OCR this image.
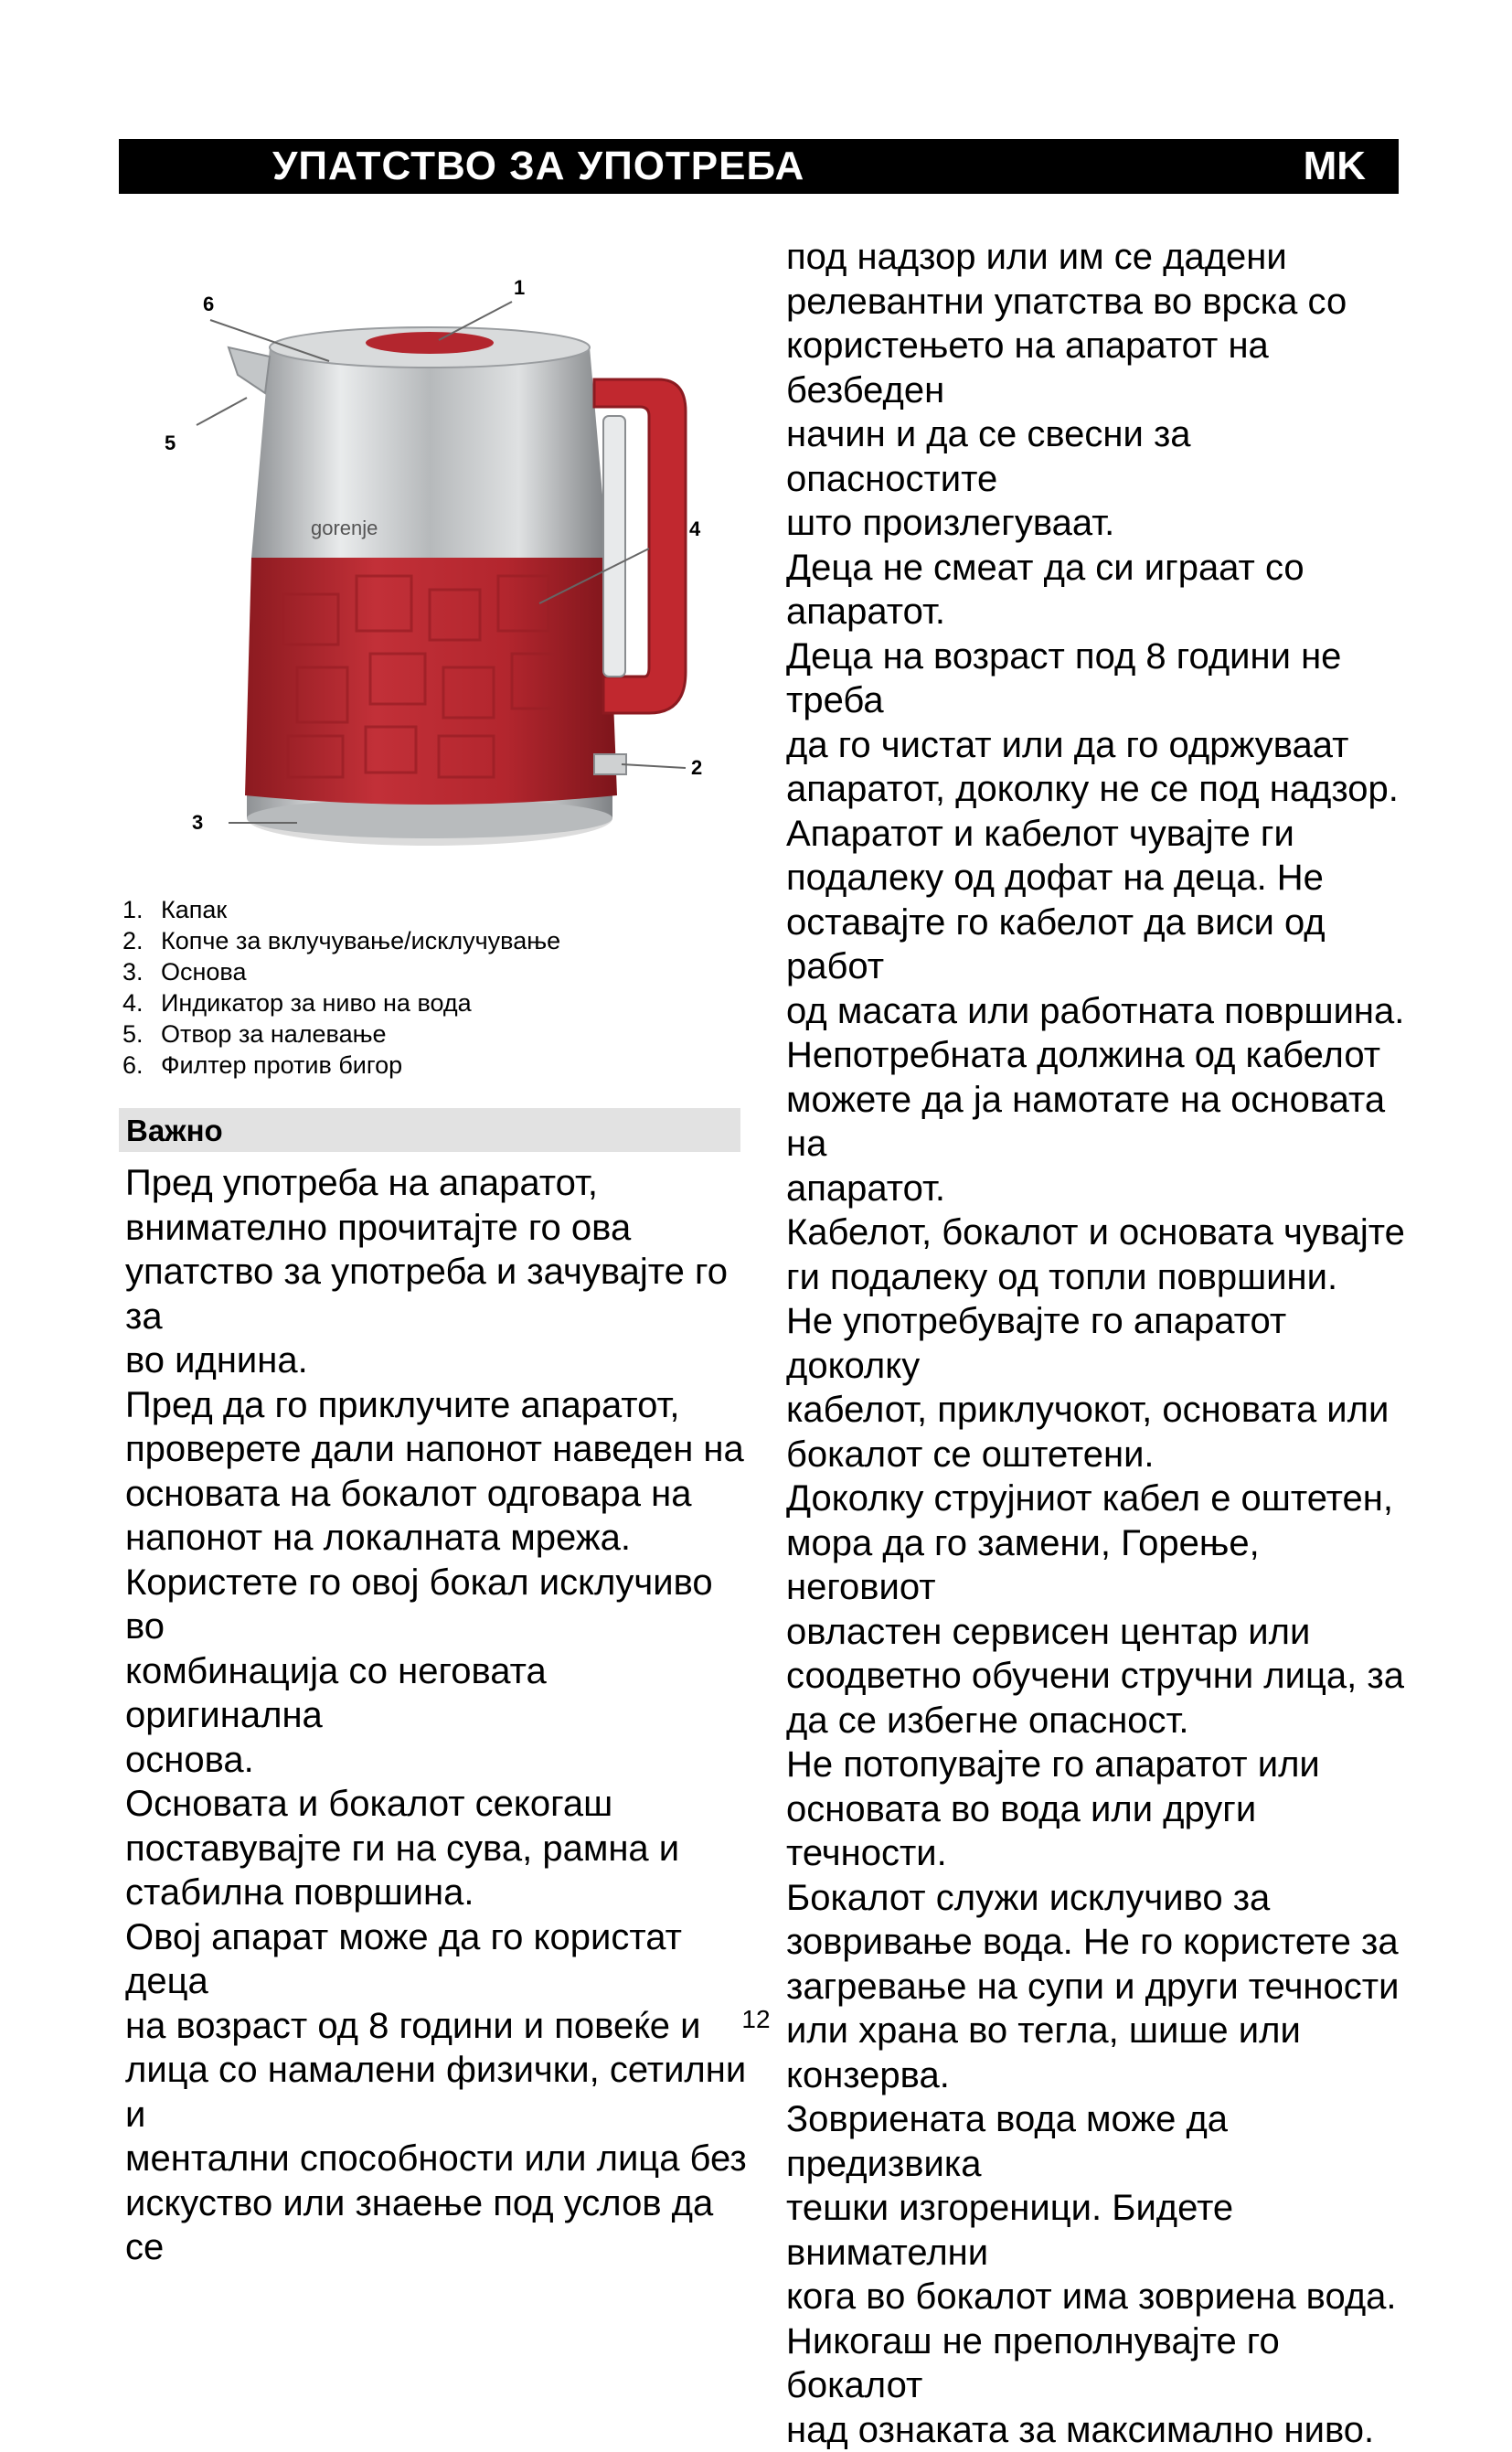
УПАТСТВО ЗА УПОТРЕБА	MK
gorenje
1
2
3
4
5
6
1. Капак
2. Копче за вклучување/исклучување
3. Основа
4. Индикатор за ниво на вода
5. Отвор за налевање
6. Филтер против бигор
Важно
Пред употреба на апаратот,
внимателно прочитајте го ова
упатство за употреба и зачувајте го за
во иднина.
Пред да го приклучите апаратот,
проверете дали напонот наведен на
основата на бокалот одговара на
напонот на локалната мрежа.
Користете го овој бокал исклучиво во
комбинација со неговата оригинална
основа.
Основата и бокалот секогаш
поставувајте ги на сува, рамна и
стабилна површина.
Овој апарат може да го користат деца
на возраст од 8 години и повеќе и
лица со намалени физички, сетилни и
ментални способности или лица без
искуство или знаење под услов да се
под надзор или им се дадени
релевантни упатства во врска со
користењето на апаратот на безбеден
начин и да се свесни за опасностите
што произлегуваат.
Деца не смеат да си играат со
апаратот.
Деца на возраст под 8 години не треба
да го чистат или да го одржуваат
апаратот, доколку не се под надзор.
Апаратот и кабелот чувајте ги
подалеку од дофат на деца. Не
оставајте го кабелот да виси од работ
од масата или работната површина.
Непотребната должина од кабелот
можете да ја намотате на основата на
апаратот.
Кабелот, бокалот и основата чувајте
ги подалеку од топли површини.
Не употребувајте го апаратот доколку
кабелот, приклучокот, основата или
бокалот се оштетени.
Доколку струјниот кабел е оштетен,
мора да го замени, Горење, неговиот
овластен сервисен центар или
соодветно обучени стручни лица, за
да се избегне опасност.
Не потопувајте го апаратот или
основата во вода или други течности.
Бокалот служи исклучиво за
зовривање вода. Не го користете за
загревање на супи и други течности
или храна во тегла, шише или
конзерва.
Зовриената вода може да предизвика
тешки изгореници. Бидете внимателни
кога во бокалот има зовриена вода.
Никогаш не преполнувајте го бокалот
над ознаката за максимално ниво.
12
